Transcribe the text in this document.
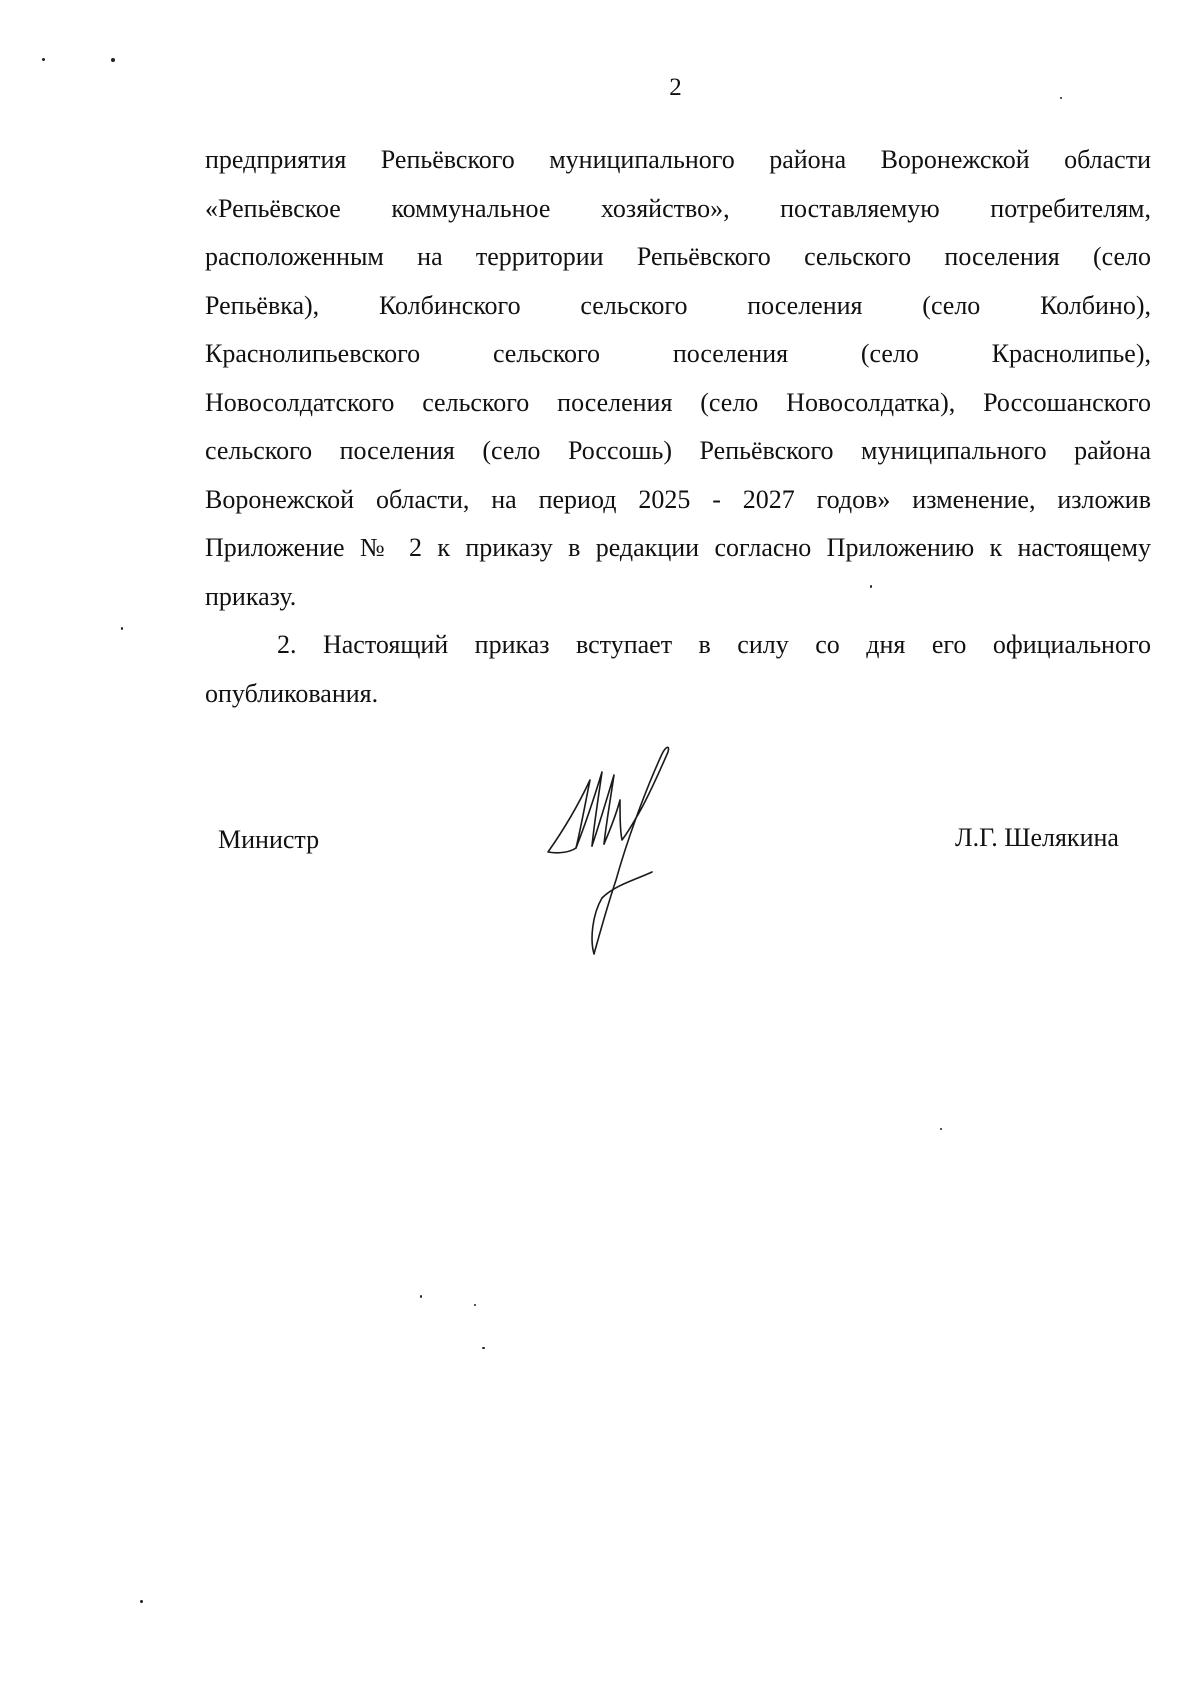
2
предприятия Репьёвского муниципального района Воронежской области
«Репьёвское коммунальное хозяйство», поставляемую потребителям,
расположенным на территории Репьёвского сельского поселения (село
Репьёвка), Колбинского сельского поселения (село Колбино),
Краснолипьевского сельского поселения (село Краснолипье),
Новосолдатского сельского поселения (село Новосолдатка), Россошанского
сельского поселения (село Россошь) Репьёвского муниципального района
Воронежской области, на период 2025 - 2027 годов» изменение, изложив
Приложение № 2 к приказу в редакции согласно Приложению к настоящему
приказу.
2. Настоящий приказ вступает в силу со дня его официального
опубликования.
Министр	Л.Г. Шелякина
